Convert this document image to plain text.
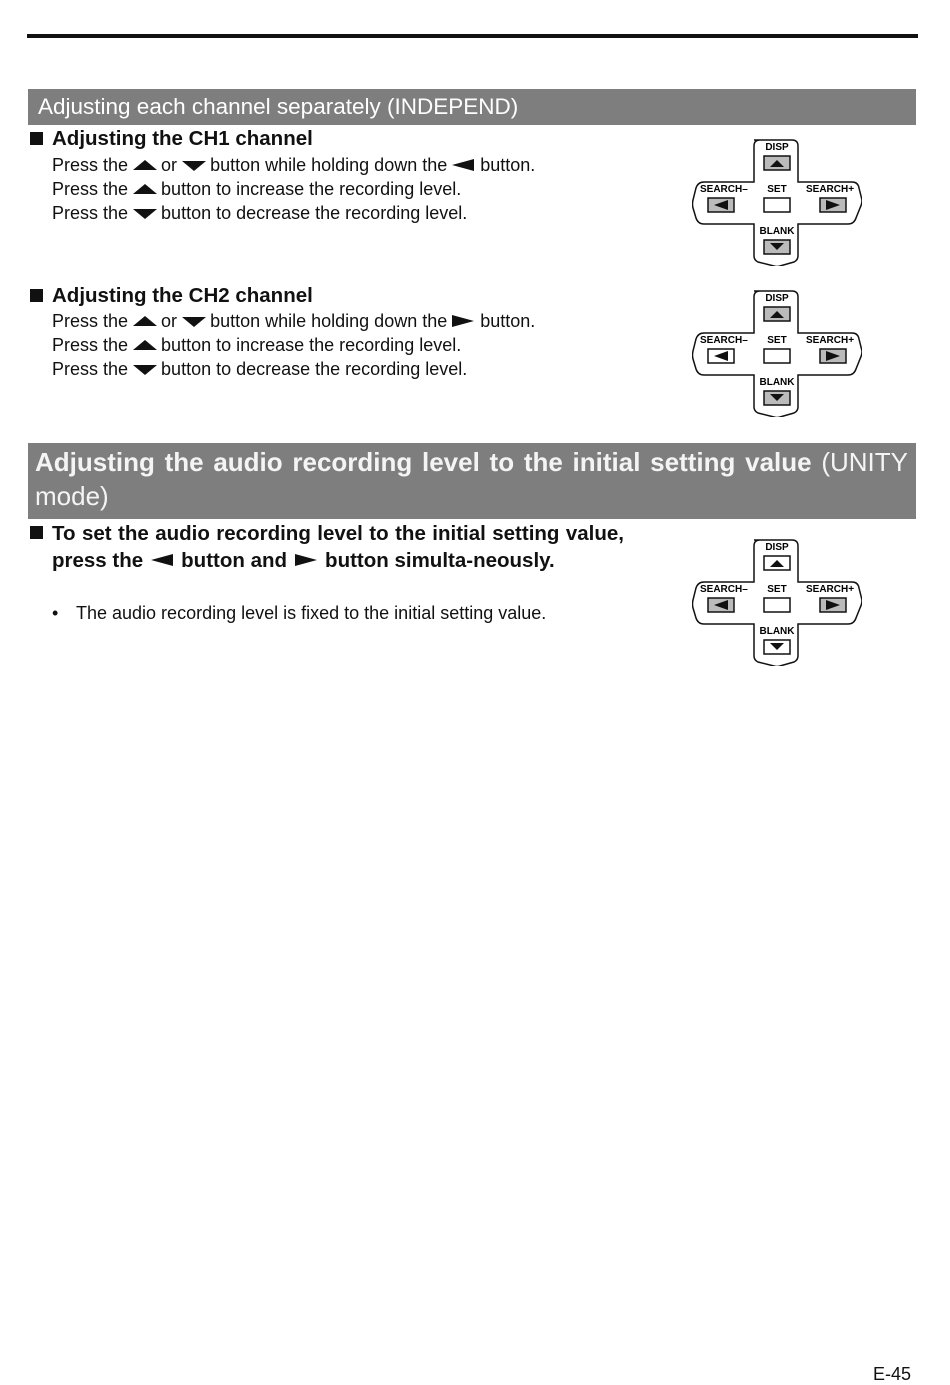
Adjusting each channel separately (INDEPEND)
Adjusting the CH1 channel
Press the or button while holding down the button.
Press the button to increase the recording level.
Press the button to decrease the recording level.
Adjusting the CH2 channel
Press the or button while holding down the button.
Press the button to increase the recording level.
Press the button to decrease the recording level.
Adjusting the audio recording level to the initial setting value (UNITY mode)
To set the audio recording level to the initial setting value, press the button and button simulta-neously.
• The audio recording level is fixed to the initial setting value.
DISP
SEARCH– SET SEARCH+
BLANK
DISP
SEARCH– SET SEARCH+
BLANK
DISP
SEARCH– SET SEARCH+
BLANK
E-45
